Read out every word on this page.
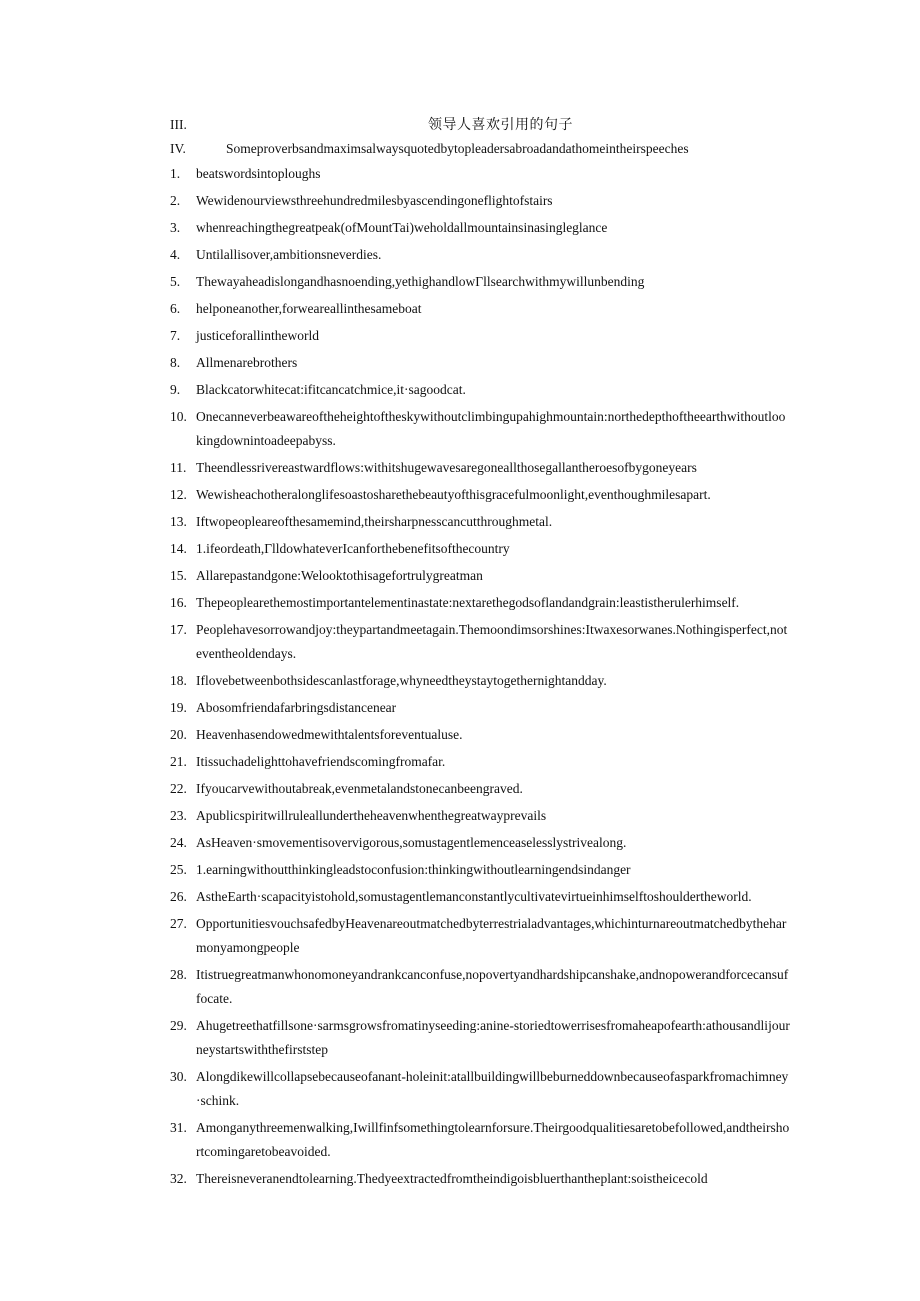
III.	领导人喜欢引用的句子
IV.	Someproverbsandmaximsalwaysquotedbytopleadersabroadandathomeintheirspeeches
1. beatswordsintoploughs
2. Wewidenourviewsthreehundredmilesbyascendingoneflightofstairs
3. whenreachingthegreatpeak(ofMountTai)weholdallmountainsinasingleglance
4. Untilallisover,ambitionsneverdies.
5. Thewayaheadislongandhasnoending,yethighandlowΓllsearchwithmywillunbending
6. helponeanother,forweareallinthesameboat
7. justiceforallintheworld
8. Allmenarebrothers
9. Blackcatorwhitecat:ifitcancatchmice,it·sagoodcat.
10. Onecanneverbeawareoftheheightoftheskywithoutclimbingupahighmountain:northedepthoftheearthwithoutlookingdownintoadeepabyss.
11. Theendlessrivereastwardflows:withitshugewavesaregoneallthosegallantheroesofbygoneyears
12. Wewisheachotheralonglifesoastosharethebeautyofthisgracefulmoonlight,eventhoughmilesapart.
13. Iftwopeopleareofthesamemind,theirsharpnesscancutthroughmetal.
14. 1.ifeordeath,ΓlldowhateverIcanforthebenefitsofthecountry
15. Allarepastandgone:Welooktothisagefortrulygreatman
16. Thepeoplearethemostimportantelementinastate:nextarethegodsoflandandgrain:leastistherulerhimself.
17. Peoplehavesorrowandjoy:theypartandmeetagain.Themoondimsorshines:Itwaxesorwanes.Nothingisperfect,noteventheoldendays.
18. Iflovebetweenbothsidescanlastforage,whyneedtheystaytogethernightandday.
19. Abosomfriendafarbringsdistancenear
20. Heavenhasendowedmewithtalentsforeventualuse.
21. Itissuchadelighttohavefriendscomingfromafar.
22. Ifyoucarvewithoutabreak,evenmetalandstonecanbeengraved.
23. Apublicspiritwillruleallundertheheavenwhenthegreatwayprevails
24. AsHeaven·smovementisovervigorous,somustagentlemenceaselesslystrivealong.
25. 1.earningwithoutthinkingleadstoconfusion:thinkingwithoutlearningendsindanger
26. AstheEarth·scapacityistohold,somustagentlemanconstantlycultivatevirtueinhimselftoshouldertheworld.
27. OpportunitiesvouchsafedbyHeavenareoutmatchedbyterrestrialadvantages,whichinturnareoutmatchedbytheharmonyamongpeople
28. Itistruegreatmanwhonomoneyandrankcanconfuse,nopovertyandhardshipcanshake,andnopowerandforcecansuffocate.
29. Ahugetreethatfillsone·sarmsgrowsfromatinyseeding:anine-storiedtowerrisesfromaheapofearth:athousandlijourneystartswiththefirststep
30. Alongdikewillcollapsebecauseofanant-holeinit:atallbuildingwillbeburneddownbecauseofasparkfromachimney·schink.
31. Amonganythreemenwalking,Iwillfinfsomethingtolearnforsure.Theirgoodqualitiesaretobefollowed,andtheirshortcomingaretobeavoided.
32. Thereisneveranendtolearning.Thedyeextractedfromtheindigoisbluerthantheplant:soistheicecold
